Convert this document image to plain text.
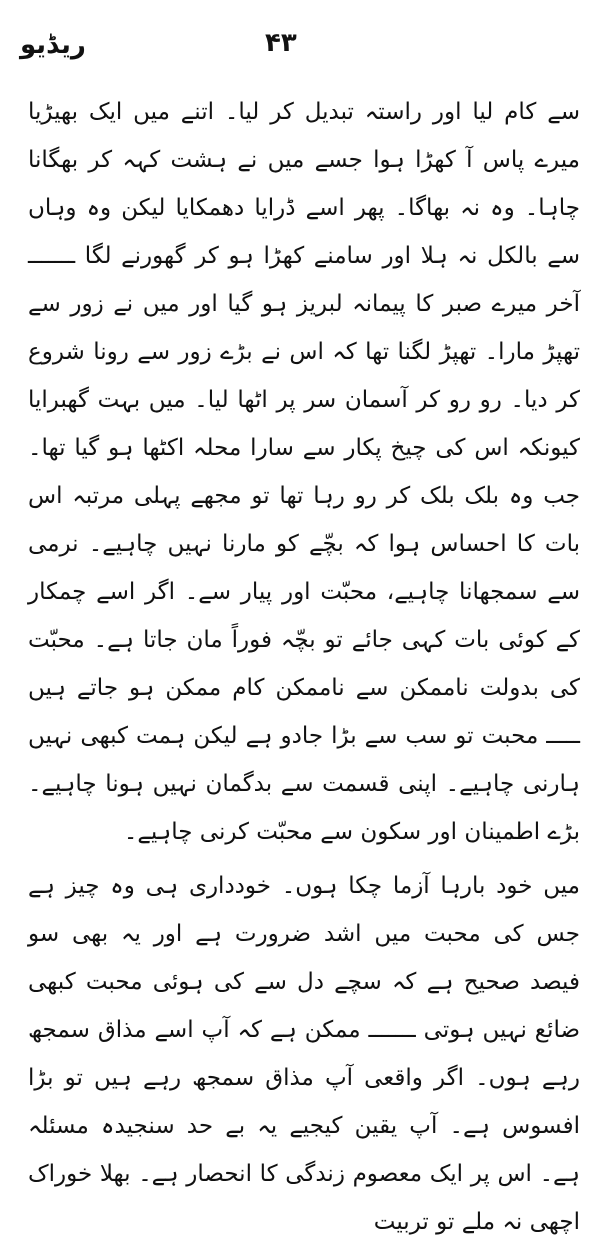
ریڈیو	۴۳

سے کام لیا اور راستہ تبدیل کر لیا۔ اتنے میں ایک بھیڑیا میرے پاس آ کھڑا ہوا جسے میں نے ہشت کہہ کر بھگانا چاہا۔ وہ نہ بھاگا۔ پھر اسے ڈرایا دھمکایا لیکن وہ وہاں سے بالکل نہ ہلا اور سامنے کھڑا ہو کر گھورنے لگا ـــــــ آخر میرے صبر کا پیمانہ لبریز ہو گیا اور میں نے زور سے تھپڑ مارا۔ تھپڑ لگنا تھا کہ اس نے بڑے زور سے رونا شروع کر دیا۔ رو رو کر آسمان سر پر اٹھا لیا۔ میں بہت گھبرایا کیونکہ اس کی چیخ پکار سے سارا محلہ اکٹھا ہو گیا تھا۔ جب وہ بلک بلک کر رو رہا تھا تو مجھے پہلی مرتبہ اس بات کا احساس ہوا کہ بچّے کو مارنا نہیں چاہیے۔ نرمی سے سمجھانا چاہیے، محبّت اور پیار سے۔ اگر اسے چمکار کے کوئی بات کہی جائے تو بچّہ فوراً مان جاتا ہے۔ محبّت کی بدولت ناممکن سے ناممکن کام ممکن ہو جاتے ہیں ـــــ محبت تو سب سے بڑا جادو ہے لیکن ہمت کبھی نہیں ہارنی چاہیے۔ اپنی قسمت سے بدگمان نہیں ہونا چاہیے۔ بڑے اطمینان اور سکون سے محبّت کرنی چاہیے۔

میں خود بارہا آزما چکا ہوں۔ خودداری ہی وہ چیز ہے جس کی محبت میں اشد ضرورت ہے اور یہ بھی سو فیصد صحیح ہے کہ سچے دل سے کی ہوئی محبت کبھی ضائع نہیں ہوتی ـــــــ ممکن ہے کہ آپ اسے مذاق سمجھ رہے ہوں۔ اگر واقعی آپ مذاق سمجھ رہے ہیں تو بڑا افسوس ہے۔ آپ یقین کیجیے یہ بے حد سنجیدہ مسئلہ ہے۔ اس پر ایک معصوم زندگی کا انحصار ہے۔ بھلا خوراک اچھی نہ ملے تو تربیت
